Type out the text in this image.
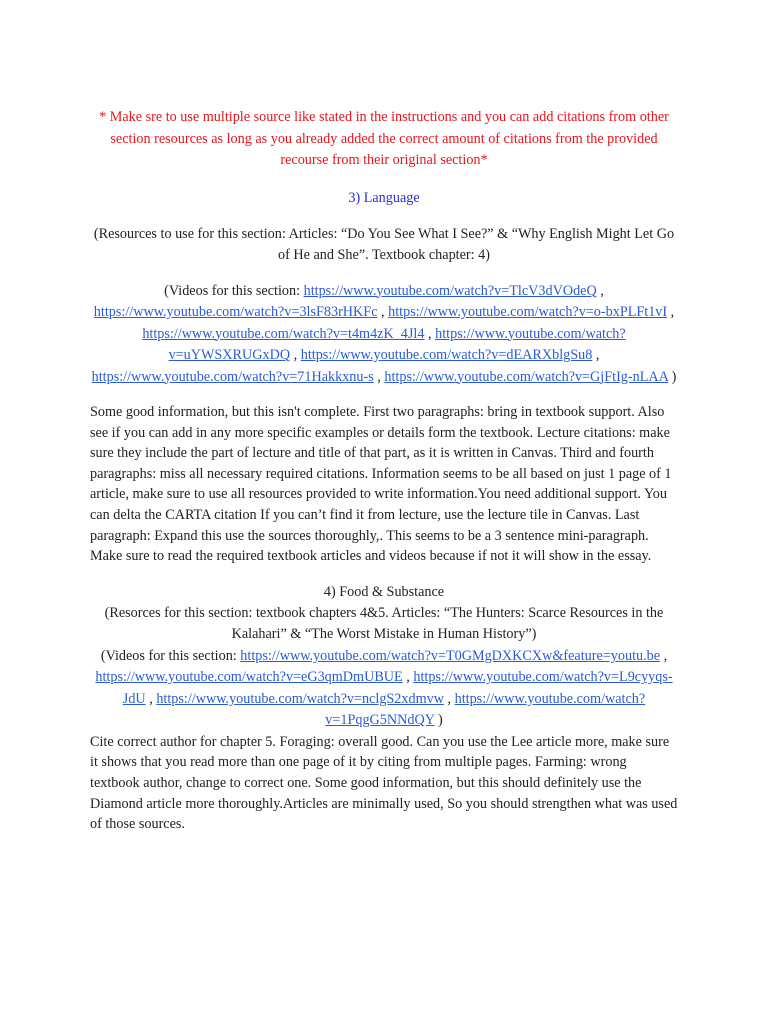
* Make sre to use multiple source like stated in the instructions and you can add citations from other section resources as long as you already added the correct amount of citations from the provided recourse from their original section*

3) Language

(Resources to use for this section: Articles: “Do You See What I See?” & “Why English Might Let Go of He and She”. Textbook chapter: 4)

(Videos for this section: https://www.youtube.com/watch?v=TlcV3dVOdeQ , https://www.youtube.com/watch?v=3lsF83rHKFc , https://www.youtube.com/watch?v=o-bxPLFt1vI , https://www.youtube.com/watch?v=t4m4zK_4Jl4 , https://www.youtube.com/watch?v=uYWSXRUGxDQ , https://www.youtube.com/watch?v=dEARXblgSu8 , https://www.youtube.com/watch?v=71Hakkxnu-s , https://www.youtube.com/watch?v=GjFtIg-nLAA )

Some good information, but this isn't complete. First two paragraphs: bring in textbook support. Also see if you can add in any more specific examples or details form the textbook. Lecture citations: make sure they include the part of lecture and title of that part, as it is written in Canvas. Third and fourth paragraphs: miss all necessary required citations. Information seems to be all based on just 1 page of 1 article, make sure to use all resources provided to write information.You need additional support. You can delta the CARTA citation If you can’t find it from lecture, use the lecture tile in Canvas. Last paragraph: Expand this use the sources thoroughly,. This seems to be a 3 sentence mini-paragraph. Make sure to read the required textbook articles and videos because if not it will show in the essay.

4) Food & Substance

(Resorces for this section: textbook chapters 4&5. Articles: “The Hunters: Scarce Resources in the Kalahari” & “The Worst Mistake in Human History”)

(Videos for this section: https://www.youtube.com/watch?v=T0GMgDXKCXw&feature=youtu.be , https://www.youtube.com/watch?v=eG3qmDmUBUE , https://www.youtube.com/watch?v=L9cyyqs-JdU , https://www.youtube.com/watch?v=nclgS2xdmvw , https://www.youtube.com/watch?v=1PqgG5NNdQY )

Cite correct author for chapter 5. Foraging: overall good. Can you use the Lee article more, make sure it shows that you read more than one page of it by citing from multiple pages. Farming: wrong textbook author, change to correct one. Some good information, but this should definitely use the Diamond article more thoroughly.Articles are minimally used, So you should strengthen what was used of those sources.
